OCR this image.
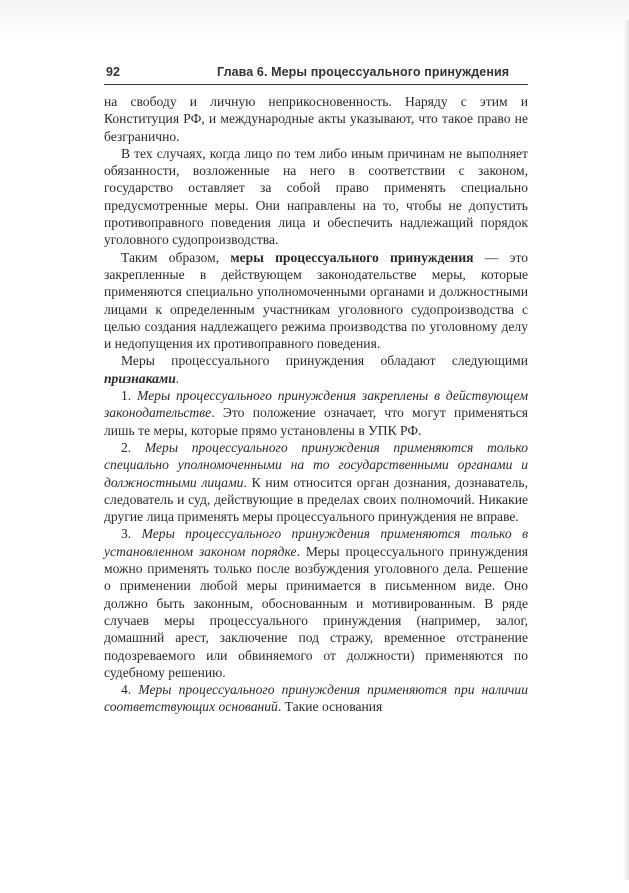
92	Глава 6. Меры процессуального принуждения

на свободу и личную неприкосновенность. Наряду с этим и Конституция РФ, и международные акты указывают, что такое право не безгранично.

В тех случаях, когда лицо по тем либо иным причинам не выполняет обязанности, возложенные на него в соответствии с законом, государство оставляет за собой право применять специально предусмотренные меры. Они направлены на то, чтобы не допустить противоправного поведения лица и обеспечить надлежащий порядок уголовного судопроизводства.

Таким образом, меры процессуального принуждения — это закрепленные в действующем законодательстве меры, которые применяются специально уполномоченными органами и должностными лицами к определенным участникам уголовного судопроизводства с целью создания надлежащего режима производства по уголовному делу и недопущения их противоправного поведения.

Меры процессуального принуждения обладают следующими признаками.

1. Меры процессуального принуждения закреплены в действующем законодательстве. Это положение означает, что могут применяться лишь те меры, которые прямо установлены в УПК РФ.

2. Меры процессуального принуждения применяются только специально уполномоченными на то государственными органами и должностными лицами. К ним относится орган дознания, дознаватель, следователь и суд, действующие в пределах своих полномочий. Никакие другие лица применять меры процессуального принуждения не вправе.

3. Меры процессуального принуждения применяются только в установленном законом порядке. Меры процессуального принуждения можно применять только после возбуждения уголовного дела. Решение о применении любой меры принимается в письменном виде. Оно должно быть законным, обоснованным и мотивированным. В ряде случаев меры процессуального принуждения (например, залог, домашний арест, заключение под стражу, временное отстранение подозреваемого или обвиняемого от должности) применяются по судебному решению.

4. Меры процессуального принуждения применяются при наличии соответствующих оснований. Такие основания
